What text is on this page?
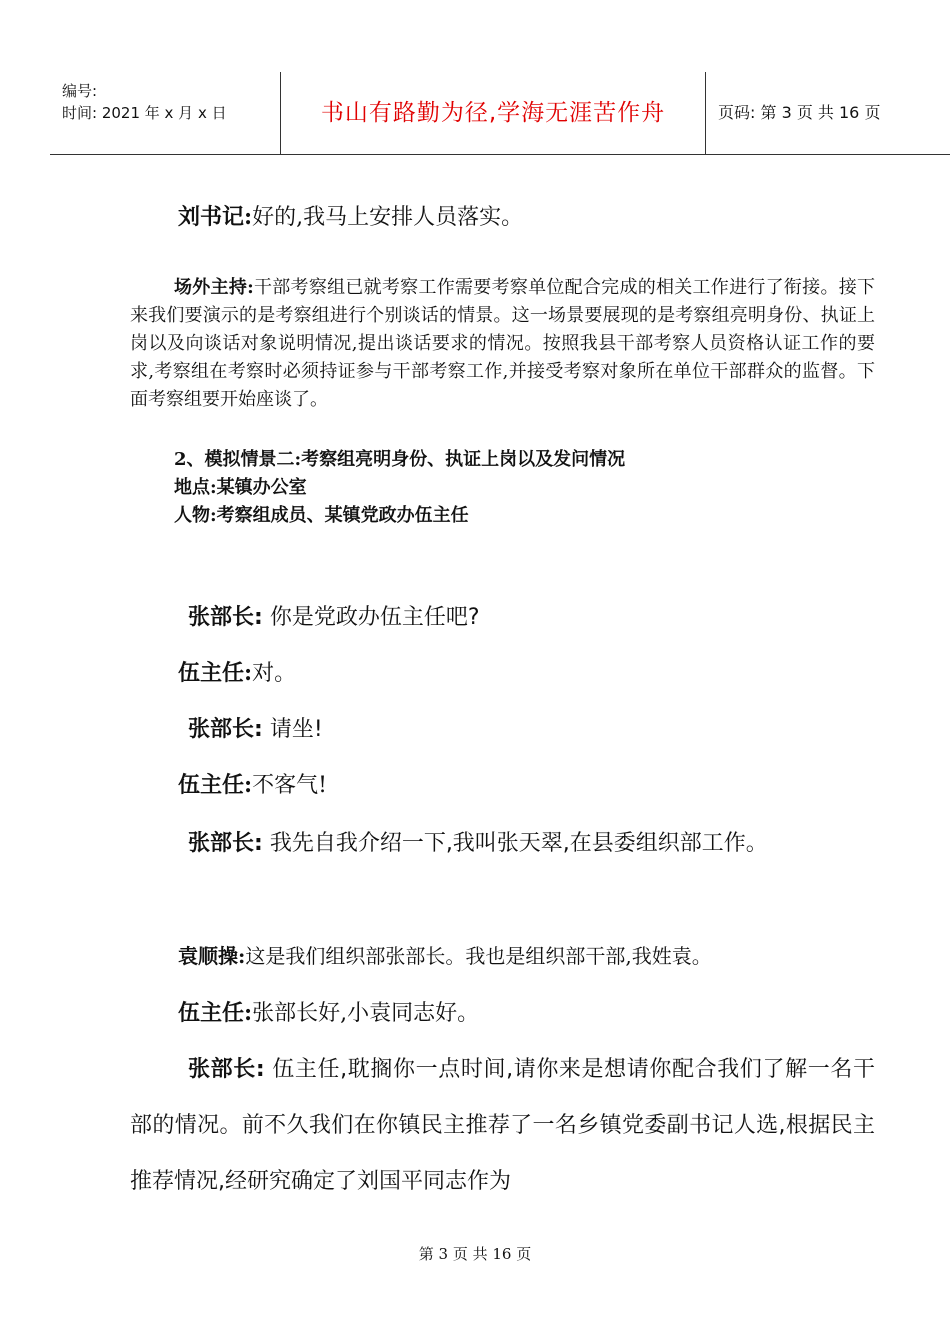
编号:
时间: 2021 年 x 月 x 日	书山有路勤为径,学海无涯苦作舟	页码: 第 3 页 共 16 页

刘书记:好的,我马上安排人员落实。

场外主持:干部考察组已就考察工作需要考察单位配合完成的相关工作进行了衔接。接下来我们要演示的是考察组进行个别谈话的情景。这一场景要展现的是考察组亮明身份、执证上岗以及向谈话对象说明情况,提出谈话要求的情况。按照我县干部考察人员资格认证工作的要求,考察组在考察时必须持证参与干部考察工作,并接受考察对象所在单位干部群众的监督。下面考察组要开始座谈了。

2、模拟情景二:考察组亮明身份、执证上岗以及发问情况

地点:某镇办公室

人物:考察组成员、某镇党政办伍主任

张部长: 你是党政办伍主任吧?

伍主任:对。

张部长: 请坐!

伍主任:不客气!

张部长: 我先自我介绍一下,我叫张天翠,在县委组织部工作。

袁顺操:这是我们组织部张部长。我也是组织部干部,我姓袁。

伍主任:张部长好,小袁同志好。

张部长: 伍主任,耽搁你一点时间,请你来是想请你配合我们了解一名干部的情况。前不久我们在你镇民主推荐了一名乡镇党委副书记人选,根据民主推荐情况,经研究确定了刘国平同志作为

第 3 页 共 16 页
